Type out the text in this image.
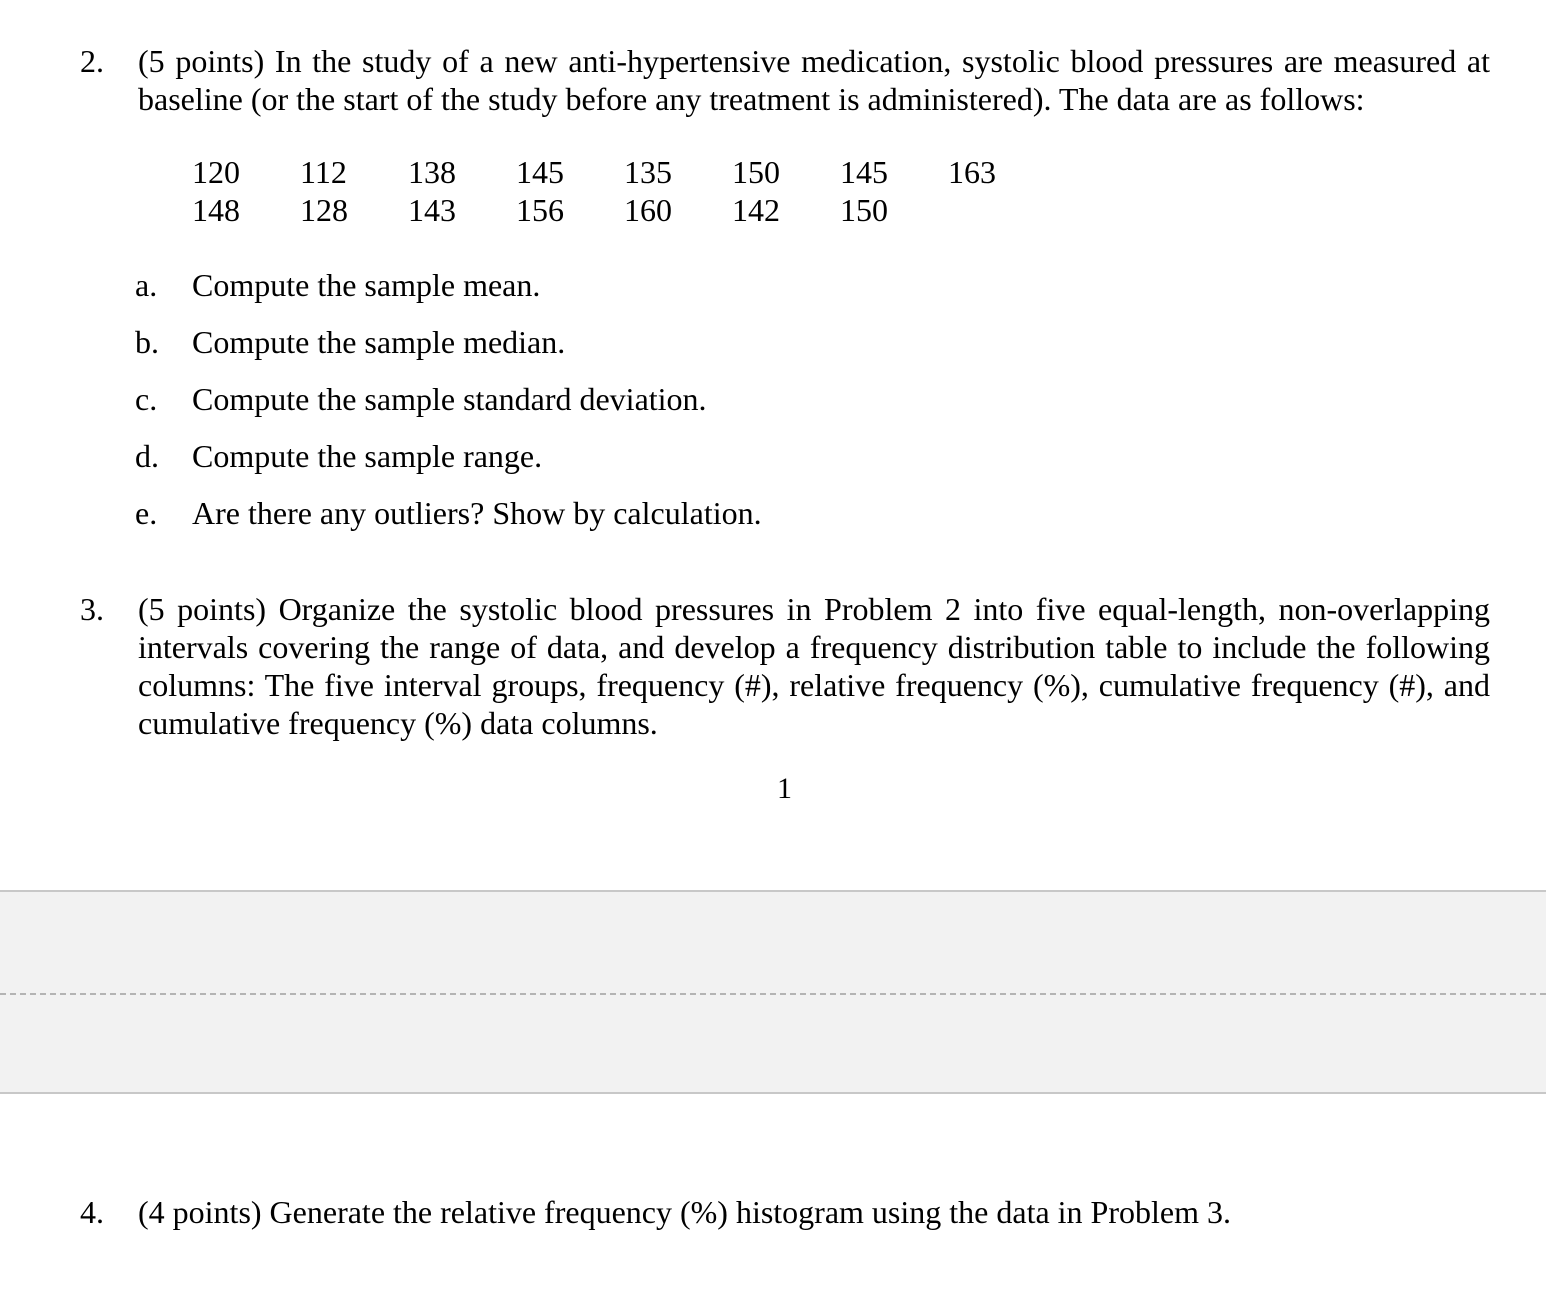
2. (5 points) In the study of a new anti-hypertensive medication, systolic blood pressures are measured at baseline (or the start of the study before any treatment is administered). The data are as follows:
120	112	138	145	135	150	145	163
148	128	143	156	160	142	150	
a. Compute the sample mean.
b. Compute the sample median.
c. Compute the sample standard deviation.
d. Compute the sample range.
e. Are there any outliers? Show by calculation.
3. (5 points) Organize the systolic blood pressures in Problem 2 into five equal-length, non-overlapping intervals covering the range of data, and develop a frequency distribution table to include the following columns: The five interval groups, frequency (#), relative frequency (%), cumulative frequency (#), and cumulative frequency (%) data columns.
1
4. (4 points) Generate the relative frequency (%) histogram using the data in Problem 3.
